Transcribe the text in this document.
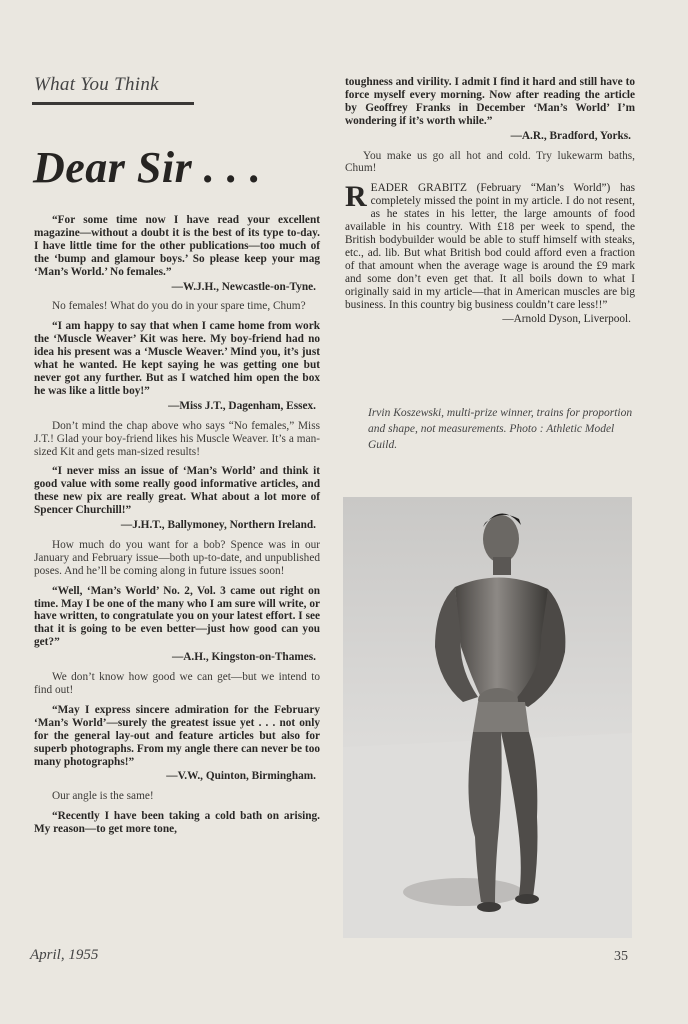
What You Think
Dear Sir . . .

“For some time now I have read your excellent magazine—without a doubt it is the best of its type to-day. I have little time for the other publications—too much of the ‘bump and glamour boys.’ So please keep your mag ‘Man’s World.’ No females.”

—W.J.H., Newcastle-on-Tyne.

No females! What do you do in your spare time, Chum?

“I am happy to say that when I came home from work the ‘Muscle Weaver’ Kit was here. My boy-friend had no idea his present was a ‘Muscle Weaver.’ Mind you, it’s just what he wanted. He kept saying he was getting one but never got any further. But as I watched him open the box he was like a little boy!”

—Miss J.T., Dagenham, Essex.

Don’t mind the chap above who says “No females,” Miss J.T.! Glad your boy-friend likes his Muscle Weaver. It’s a man-sized Kit and gets man-sized results!

“I never miss an issue of ‘Man’s World’ and think it good value with some really good informative articles, and these new pix are really great. What about a lot more of Spencer Churchill!”

—J.H.T., Ballymoney, Northern Ireland.

How much do you want for a bob? Spence was in our January and February issue—both up-to-date, and unpublished poses. And he’ll be coming along in future issues soon!

“Well, ‘Man’s World’ No. 2, Vol. 3 came out right on time. May I be one of the many who I am sure will write, or have written, to congratulate you on your latest effort. I see that it is going to be even better—just how good can you get?”

—A.H., Kingston-on-Thames.

We don’t know how good we can get—but we intend to find out!

“May I express sincere admiration for the February ‘Man’s World’—surely the greatest issue yet . . . not only for the general lay-out and feature articles but also for superb photographs. From my angle there can never be too many photographs!”

—V.W., Quinton, Birmingham.

Our angle is the same!

“Recently I have been taking a cold bath on arising. My reason—to get more tone,

toughness and virility. I admit I find it hard and still have to force myself every morning. Now after reading the article by Geoffrey Franks in December ‘Man’s World’ I’m wondering if it’s worth while.”

—A.R., Bradford, Yorks.

You make us go all hot and cold. Try lukewarm baths, Chum!

READER GRABITZ (February “Man’s World”) has completely missed the point in my article. I do not resent, as he states in his letter, the large amounts of food available in his country. With £18 per week to spend, the British bodybuilder would be able to stuff himself with steaks, etc., ad. lib. But what British bod could afford even a fraction of that amount when the average wage is around the £9 mark and some don’t even get that. It all boils down to what I originally said in my article—that in American muscles are big business. In this country big business couldn’t care less!!”

—Arnold Dyson, Liverpool.

Irvin Koszewski, multi-prize winner, trains for proportion and shape, not measurements. Photo : Athletic Model Guild.
April, 1955	35
